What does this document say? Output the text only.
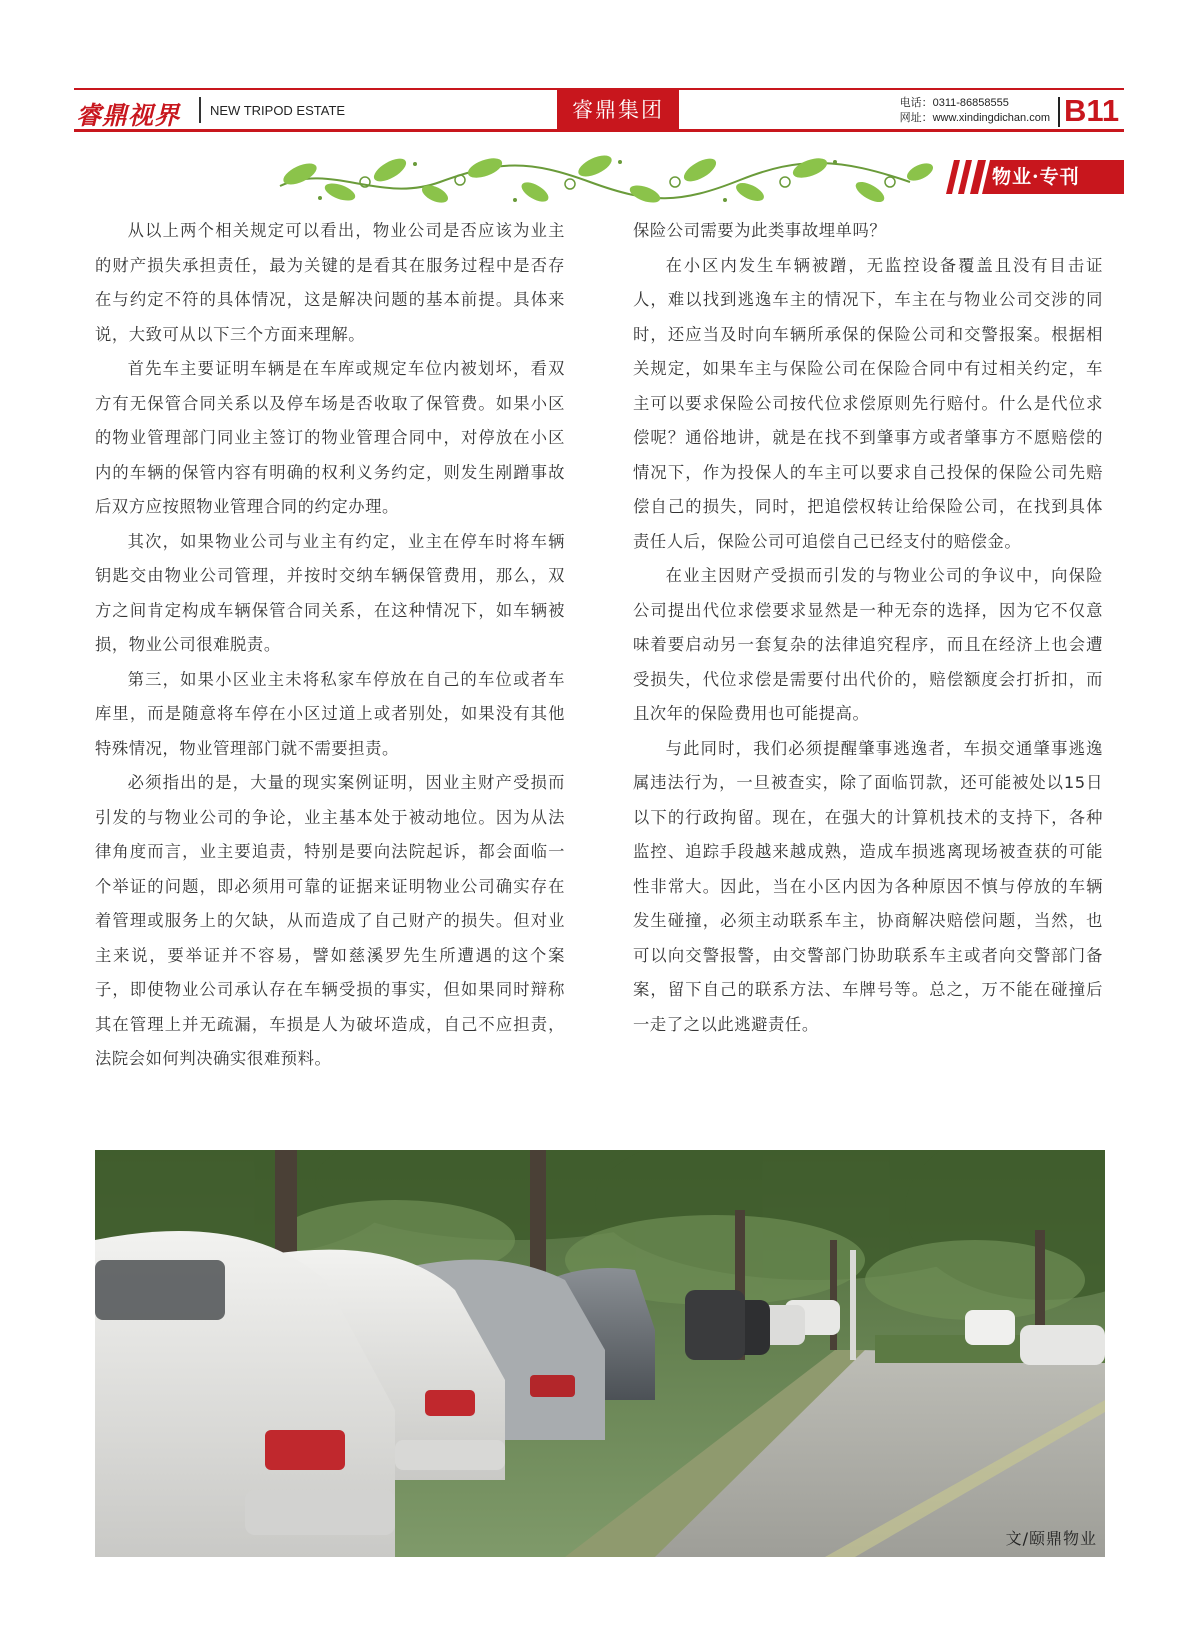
睿鼎视界 NEW TRIPOD ESTATE	睿鼎集团	电话：0311-86858555
网址：www.xindingdichan.com B11
物业·专刊

从以上两个相关规定可以看出，物业公司是否应该为业主的财产损失承担责任，最为关键的是看其在服务过程中是否存在与约定不符的具体情况，这是解决问题的基本前提。具体来说，大致可从以下三个方面来理解。

首先车主要证明车辆是在车库或规定车位内被划坏，看双方有无保管合同关系以及停车场是否收取了保管费。如果小区的物业管理部门同业主签订的物业管理合同中，对停放在小区内的车辆的保管内容有明确的权利义务约定，则发生剐蹭事故后双方应按照物业管理合同的约定办理。

其次，如果物业公司与业主有约定，业主在停车时将车辆钥匙交由物业公司管理，并按时交纳车辆保管费用，那么，双方之间肯定构成车辆保管合同关系，在这种情况下，如车辆被损，物业公司很难脱责。

第三，如果小区业主未将私家车停放在自己的车位或者车库里，而是随意将车停在小区过道上或者别处，如果没有其他特殊情况，物业管理部门就不需要担责。

必须指出的是，大量的现实案例证明，因业主财产受损而引发的与物业公司的争论，业主基本处于被动地位。因为从法律角度而言，业主要追责，特别是要向法院起诉，都会面临一个举证的问题，即必须用可靠的证据来证明物业公司确实存在着管理或服务上的欠缺，从而造成了自己财产的损失。但对业主来说，要举证并不容易，譬如慈溪罗先生所遭遇的这个案子，即使物业公司承认存在车辆受损的事实，但如果同时辩称其在管理上并无疏漏，车损是人为破坏造成，自己不应担责，法院会如何判决确实很难预料。

保险公司需要为此类事故埋单吗？

在小区内发生车辆被蹭，无监控设备覆盖且没有目击证人，难以找到逃逸车主的情况下，车主在与物业公司交涉的同时，还应当及时向车辆所承保的保险公司和交警报案。根据相关规定，如果车主与保险公司在保险合同中有过相关约定，车主可以要求保险公司按代位求偿原则先行赔付。什么是代位求偿呢？通俗地讲，就是在找不到肇事方或者肇事方不愿赔偿的情况下，作为投保人的车主可以要求自己投保的保险公司先赔偿自己的损失，同时，把追偿权转让给保险公司，在找到具体责任人后，保险公司可追偿自己已经支付的赔偿金。

在业主因财产受损而引发的与物业公司的争议中，向保险公司提出代位求偿要求显然是一种无奈的选择，因为它不仅意味着要启动另一套复杂的法律追究程序，而且在经济上也会遭受损失，代位求偿是需要付出代价的，赔偿额度会打折扣，而且次年的保险费用也可能提高。

与此同时，我们必须提醒肇事逃逸者，车损交通肇事逃逸属违法行为，一旦被查实，除了面临罚款，还可能被处以15日以下的行政拘留。现在，在强大的计算机技术的支持下，各种监控、追踪手段越来越成熟，造成车损逃离现场被查获的可能性非常大。因此，当在小区内因为各种原因不慎与停放的车辆发生碰撞，必须主动联系车主，协商解决赔偿问题，当然，也可以向交警报警，由交警部门协助联系车主或者向交警部门备案，留下自己的联系方法、车牌号等。总之，万不能在碰撞后一走了之以此逃避责任。

文/颐鼎物业
